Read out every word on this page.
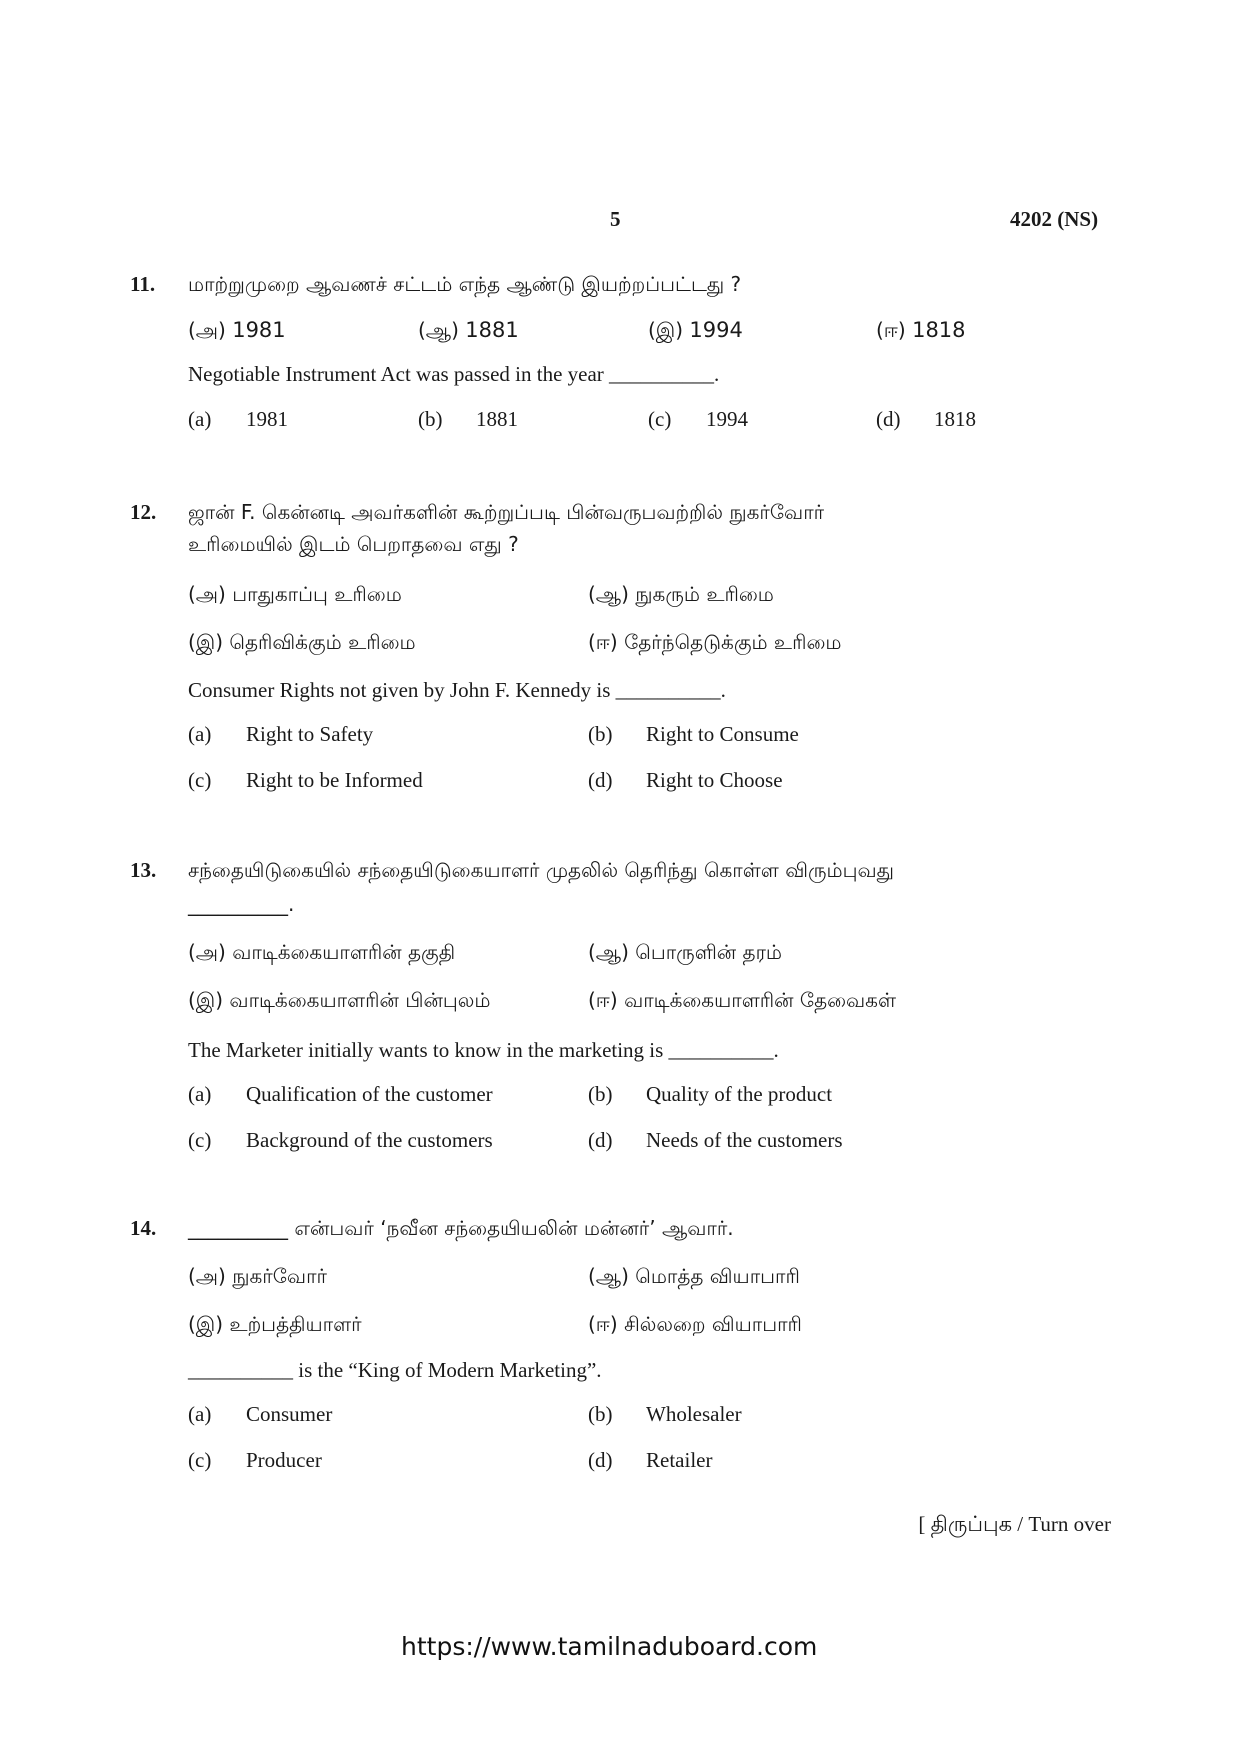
5	4202 (NS)
11. மாற்றுமுறை ஆவணச் சட்டம் எந்த ஆண்டு இயற்றப்பட்டது ?
(அ) 1981	(ஆ) 1881	(இ) 1994	(ஈ) 1818
Negotiable Instrument Act was passed in the year __________.
(a) 1981	(b) 1881	(c) 1994	(d) 1818
12. ஜான் F. கென்னடி அவர்களின் கூற்றுப்படி பின்வருபவற்றில் நுகர்வோர்
உரிமையில் இடம் பெறாதவை எது ?
(அ) பாதுகாப்பு உரிமை	(ஆ) நுகரும் உரிமை
(இ) தெரிவிக்கும் உரிமை	(ஈ) தேர்ந்தெடுக்கும் உரிமை
Consumer Rights not given by John F. Kennedy is __________.
(a) Right to Safety	(b) Right to Consume
(c) Right to be Informed	(d) Right to Choose
13. சந்தையிடுகையில் சந்தையிடுகையாளர் முதலில் தெரிந்து கொள்ள விரும்புவது
__________.
(அ) வாடிக்கையாளரின் தகுதி	(ஆ) பொருளின் தரம்
(இ) வாடிக்கையாளரின் பின்புலம்	(ஈ) வாடிக்கையாளரின் தேவைகள்
The Marketer initially wants to know in the marketing is __________.
(a) Qualification of the customer	(b) Quality of the product
(c) Background of the customers	(d) Needs of the customers
14. __________ என்பவர் ‘நவீன சந்தையியலின் மன்னர்’ ஆவார்.
(அ) நுகர்வோர்	(ஆ) மொத்த வியாபாரி
(இ) உற்பத்தியாளர்	(ஈ) சில்லறை வியாபாரி
__________ is the “King of Modern Marketing”.
(a) Consumer	(b) Wholesaler
(c) Producer	(d) Retailer
[ திருப்புக / Turn over
https://www.tamilnaduboard.com
